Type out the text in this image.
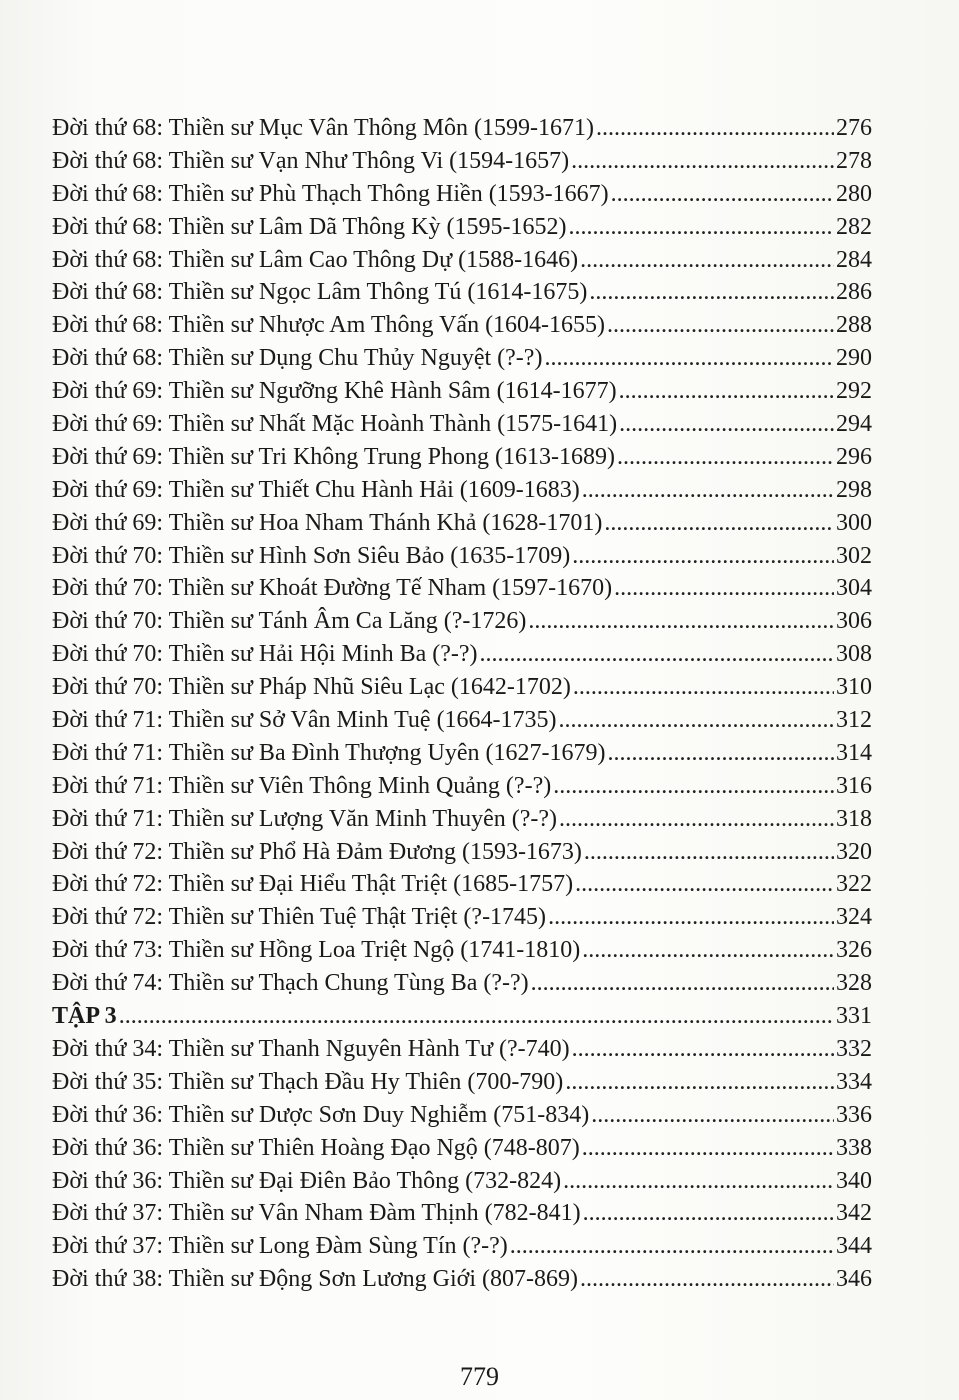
Đời thứ 68: Thiền sư Mục Vân Thông Môn (1599-1671) .....	276
Đời thứ 68: Thiền sư Vạn Như Thông Vi (1594-1657) .....	278
Đời thứ 68: Thiền sư Phù Thạch Thông Hiền (1593-1667) .....	280
Đời thứ 68: Thiền sư Lâm Dã Thông Kỳ (1595-1652) .....	282
Đời thứ 68: Thiền sư Lâm Cao Thông Dự (1588-1646) .....	284
Đời thứ 68: Thiền sư Ngọc Lâm Thông Tú (1614-1675) .....	286
Đời thứ 68: Thiền sư Nhược Am Thông Vấn (1604-1655) .....	288
Đời thứ 68: Thiền sư Dụng Chu Thủy Nguyệt (?-?) .....	290
Đời thứ 69: Thiền sư Ngưỡng Khê Hành Sâm (1614-1677) .....	292
Đời thứ 69: Thiền sư Nhất Mặc Hoành Thành (1575-1641) .....	294
Đời thứ 69: Thiền sư Tri Không Trung Phong (1613-1689) .....	296
Đời thứ 69: Thiền sư Thiết Chu Hành Hải (1609-1683) .....	298
Đời thứ 69: Thiền sư Hoa Nham Thánh Khả (1628-1701) .....	300
Đời thứ 70: Thiền sư Hình Sơn Siêu Bảo (1635-1709) .....	302
Đời thứ 70: Thiền sư Khoát Đường Tế Nham (1597-1670) .....	304
Đời thứ 70: Thiền sư Tánh Âm Ca Lăng (?-1726) .....	306
Đời thứ 70: Thiền sư Hải Hội Minh Ba (?-?) .....	308
Đời thứ 70: Thiền sư Pháp Nhũ Siêu Lạc (1642-1702) .....	310
Đời thứ 71: Thiền sư Sở Vân Minh Tuệ (1664-1735) .....	312
Đời thứ 71: Thiền sư Ba Đình Thượng Uyên (1627-1679) .....	314
Đời thứ 71: Thiền sư Viên Thông Minh Quảng (?-?) .....	316
Đời thứ 71: Thiền sư Lượng Văn Minh Thuyên (?-?) .....	318
Đời thứ 72: Thiền sư Phổ Hà Đảm Đương (1593-1673) .....	320
Đời thứ 72: Thiền sư Đại Hiểu Thật Triệt (1685-1757) .....	322
Đời thứ 72: Thiền sư Thiên Tuệ Thật Triệt (?-1745) .....	324
Đời thứ 73: Thiền sư Hồng Loa Triệt Ngộ (1741-1810) .....	326
Đời thứ 74: Thiền sư Thạch Chung Tùng Ba (?-?) .....	328
TẬP 3 .....	331
Đời thứ 34: Thiền sư Thanh Nguyên Hành Tư (?-740) .....	332
Đời thứ 35: Thiền sư Thạch Đầu Hy Thiên (700-790) .....	334
Đời thứ 36: Thiền sư Dược Sơn Duy Nghiễm (751-834) .....	336
Đời thứ 36: Thiền sư Thiên Hoàng Đạo Ngộ (748-807) .....	338
Đời thứ 36: Thiền sư Đại Điên Bảo Thông (732-824) .....	340
Đời thứ 37: Thiền sư Vân Nham Đàm Thịnh (782-841) .....	342
Đời thứ 37: Thiền sư Long Đàm Sùng Tín (?-?) .....	344
Đời thứ 38: Thiền sư Động Sơn Lương Giới (807-869) .....	346
779
